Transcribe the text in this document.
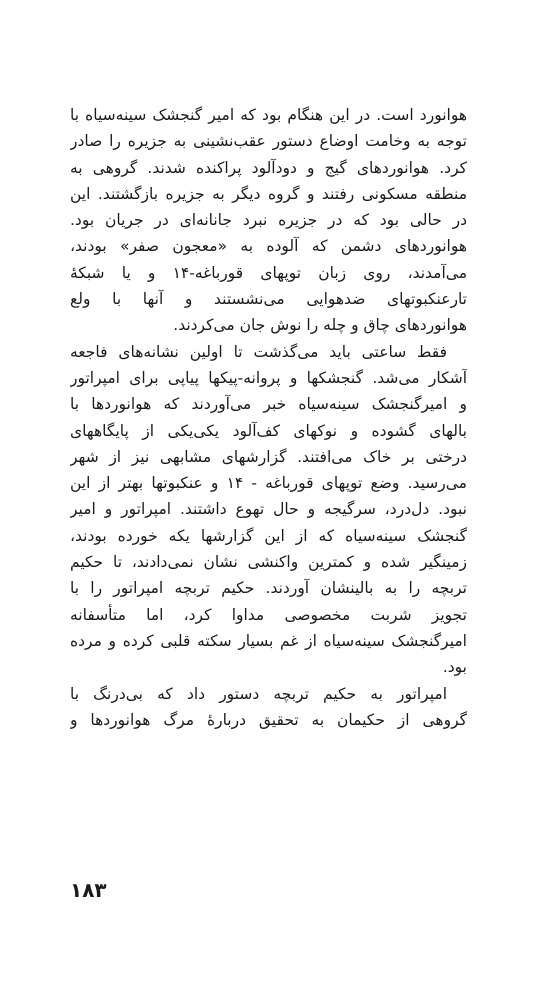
هوانورد است. در این هنگام بود که امیر گنجشک سینه‌سیاه با
توجه به وخامت اوضاع دستور عقب‌نشینی به جزیره را صادر
کرد. هوانوردهای گیج و دودآلود پراکنده شدند. گروهی به
منطقه مسکونی رفتند و گروه دیگر به جزیره بازگشتند. این
در حالی بود که در جزیره نبرد جانانه‌ای در جریان بود.
هوانوردهای دشمن که آلوده به «معجون صفر» بودند،
می‌آمدند، روی زبان توپهای قورباغه-۱۴ و یا شبکهٔ
تارعنکبوتهای ضدهوایی می‌نشستند و آنها با ولع
هوانوردهای چاق و چله را نوش جان می‌کردند.
فقط ساعتی باید می‌گذشت تا اولین نشانه‌های فاجعه
آشکار می‌شد. گنجشکها و پروانه-پیکها پیاپی برای امپراتور
و امیرگنجشک سینه‌سیاه خبر می‌آوردند که هوانوردها با
بالهای گشوده و نوکهای کف‌آلود یکی‌یکی از پایگاههای
درختی بر خاک می‌افتند. گزارشهای مشابهی نیز از شهر
می‌رسید. وضع توپهای قورباغه - ۱۴ و عنکبوتها بهتر از این
نبود. دل‌درد، سرگیجه و حال تهوع داشتند. امپراتور و امیر
گنجشک سینه‌سیاه که از این گزارشها یکه خورده بودند،
زمینگیر شده و کمترین واکنشی نشان نمی‌دادند، تا حکیم
تربچه را به بالینشان آوردند. حکیم تربچه امپراتور را با
تجویز شربت مخصوصی مداوا کرد، اما متأسفانه
امیرگنجشک سینه‌سیاه از غم بسیار سکته قلبی کرده و مرده
بود.
امپراتور به حکیم تربچه دستور داد که بی‌درنگ با
گروهی از حکیمان به تحقیق دربارهٔ مرگ هوانوردها و
۱۸۳
